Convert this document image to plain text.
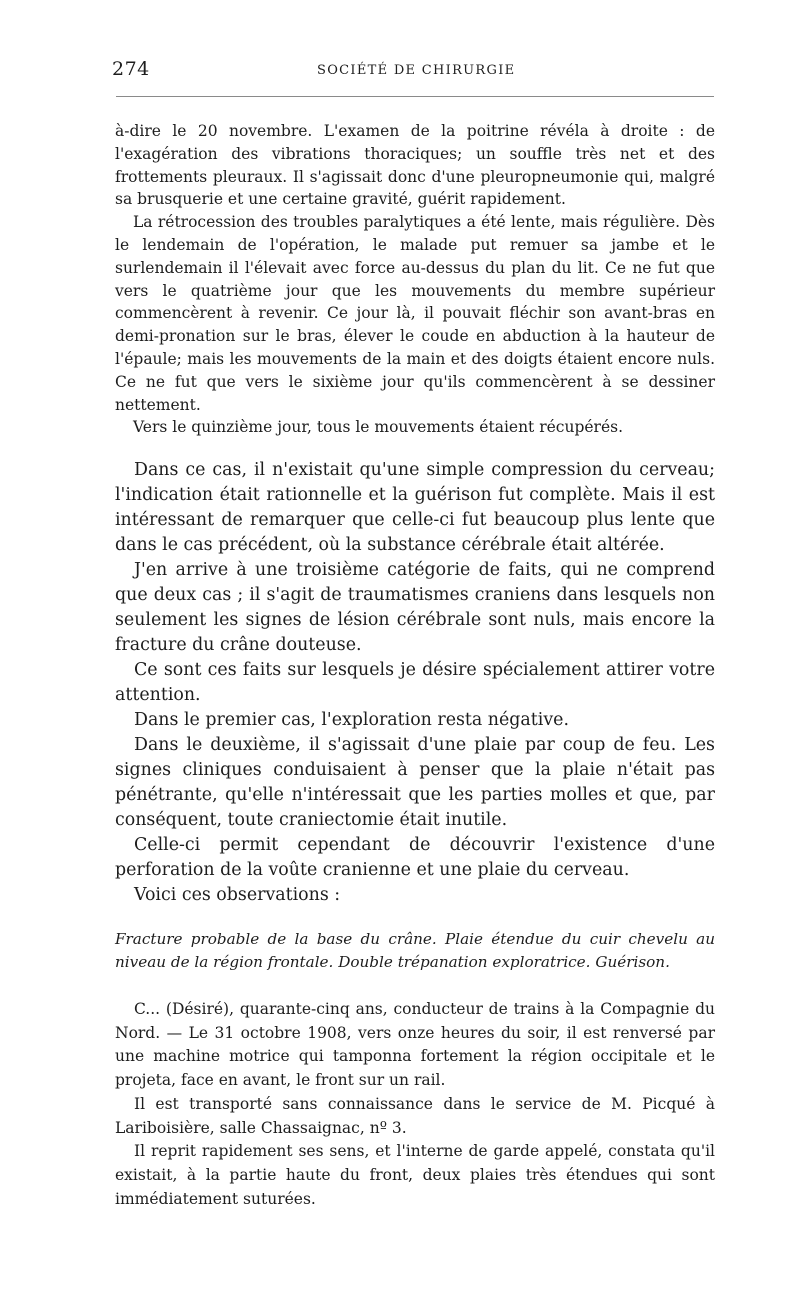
274	SOCIÉTÉ DE CHIRURGIE

à-dire le 20 novembre. L'examen de la poitrine révéla à droite : de l'exagération des vibrations thoraciques; un souffle très net et des frottements pleuraux. Il s'agissait donc d'une pleuropneumonie qui, malgré sa brusquerie et une certaine gravité, guérit rapidement.

La rétrocession des troubles paralytiques a été lente, mais régulière. Dès le lendemain de l'opération, le malade put remuer sa jambe et le surlendemain il l'élevait avec force au-dessus du plan du lit. Ce ne fut que vers le quatrième jour que les mouvements du membre supérieur commencèrent à revenir. Ce jour là, il pouvait fléchir son avant-bras en demi-pronation sur le bras, élever le coude en abduction à la hauteur de l'épaule; mais les mouvements de la main et des doigts étaient encore nuls. Ce ne fut que vers le sixième jour qu'ils commencèrent à se dessiner nettement.

Vers le quinzième jour, tous le mouvements étaient récupérés.

Dans ce cas, il n'existait qu'une simple compression du cerveau; l'indication était rationnelle et la guérison fut complète. Mais il est intéressant de remarquer que celle-ci fut beaucoup plus lente que dans le cas précédent, où la substance cérébrale était altérée.

J'en arrive à une troisième catégorie de faits, qui ne comprend que deux cas ; il s'agit de traumatismes craniens dans lesquels non seulement les signes de lésion cérébrale sont nuls, mais encore la fracture du crâne douteuse.

Ce sont ces faits sur lesquels je désire spécialement attirer votre attention.

Dans le premier cas, l'exploration resta négative.

Dans le deuxième, il s'agissait d'une plaie par coup de feu. Les signes cliniques conduisaient à penser que la plaie n'était pas pénétrante, qu'elle n'intéressait que les parties molles et que, par conséquent, toute craniectomie était inutile.

Celle-ci permit cependant de découvrir l'existence d'une perforation de la voûte cranienne et une plaie du cerveau.

Voici ces observations :

Fracture probable de la base du crâne. Plaie étendue du cuir chevelu au niveau de la région frontale. Double trépanation exploratrice. Guérison.

C... (Désiré), quarante-cinq ans, conducteur de trains à la Compagnie du Nord. — Le 31 octobre 1908, vers onze heures du soir, il est renversé par une machine motrice qui tamponna fortement la région occipitale et le projeta, face en avant, le front sur un rail.

Il est transporté sans connaissance dans le service de M. Picqué à Lariboisière, salle Chassaignac, nº 3.

Il reprit rapidement ses sens, et l'interne de garde appelé, constata qu'il existait, à la partie haute du front, deux plaies très étendues qui sont immédiatement suturées.
